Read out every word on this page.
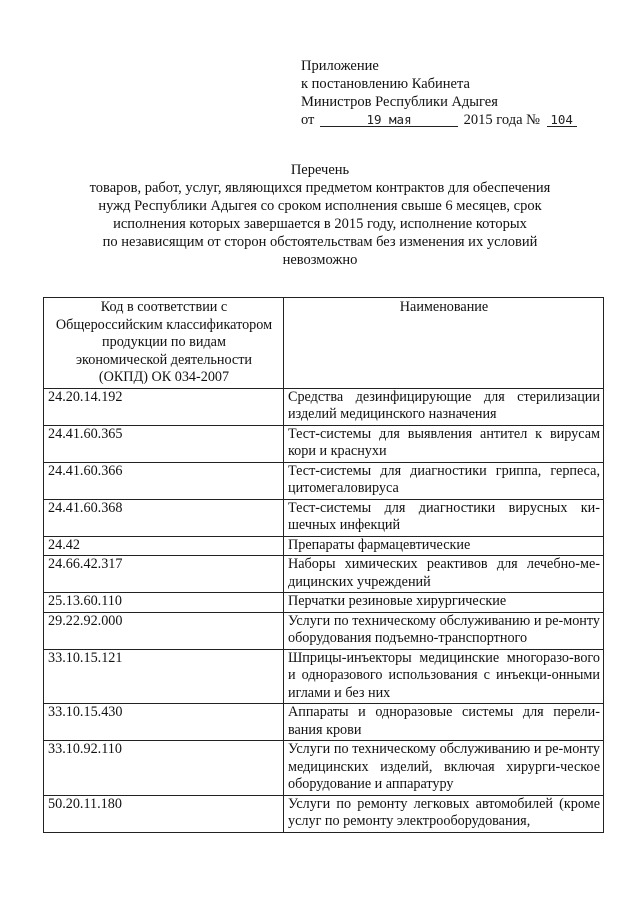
Приложение
к постановлению Кабинета
Министров Республики Адыгея
от	19 мая	2015 года № 104
Перечень
товаров, работ, услуг, являющихся предметом контрактов для обеспечения
нужд Республики Адыгея со сроком исполнения свыше 6 месяцев, срок
исполнения которых завершается в 2015 году, исполнение которых
по независящим от сторон обстоятельствам без изменения их условий
невозможно
Код в соответствии с
Общероссийским классификатором
продукции по видам
экономической деятельности
(ОКПД) ОК 034-2007	Наименование
24.20.14.192	Средства дезинфицирующие для стерилизации изделий медицинского назначения
24.41.60.365	Тест-системы для выявления антител к вирусам кори и краснухи
24.41.60.366	Тест-системы для диагностики гриппа, герпеса, цитомегаловируса
24.41.60.368	Тест-системы для диагностики вирусных ки-шечных инфекций
24.42	Препараты фармацевтические
24.66.42.317	Наборы химических реактивов для лечебно-ме-дицинских учреждений
25.13.60.110	Перчатки резиновые хирургические
29.22.92.000	Услуги по техническому обслуживанию и ре-монту оборудования подъемно-транспортного
33.10.15.121	Шприцы-инъекторы медицинские многоразо-вого и одноразового использования с инъекци-онными иглами и без них
33.10.15.430	Аппараты и одноразовые системы для перели-вания крови
33.10.92.110	Услуги по техническому обслуживанию и ре-монту медицинских изделий, включая хирурги-ческое оборудование и аппаратуру
50.20.11.180	Услуги по ремонту легковых автомобилей (кроме услуг по ремонту электрооборудования,
